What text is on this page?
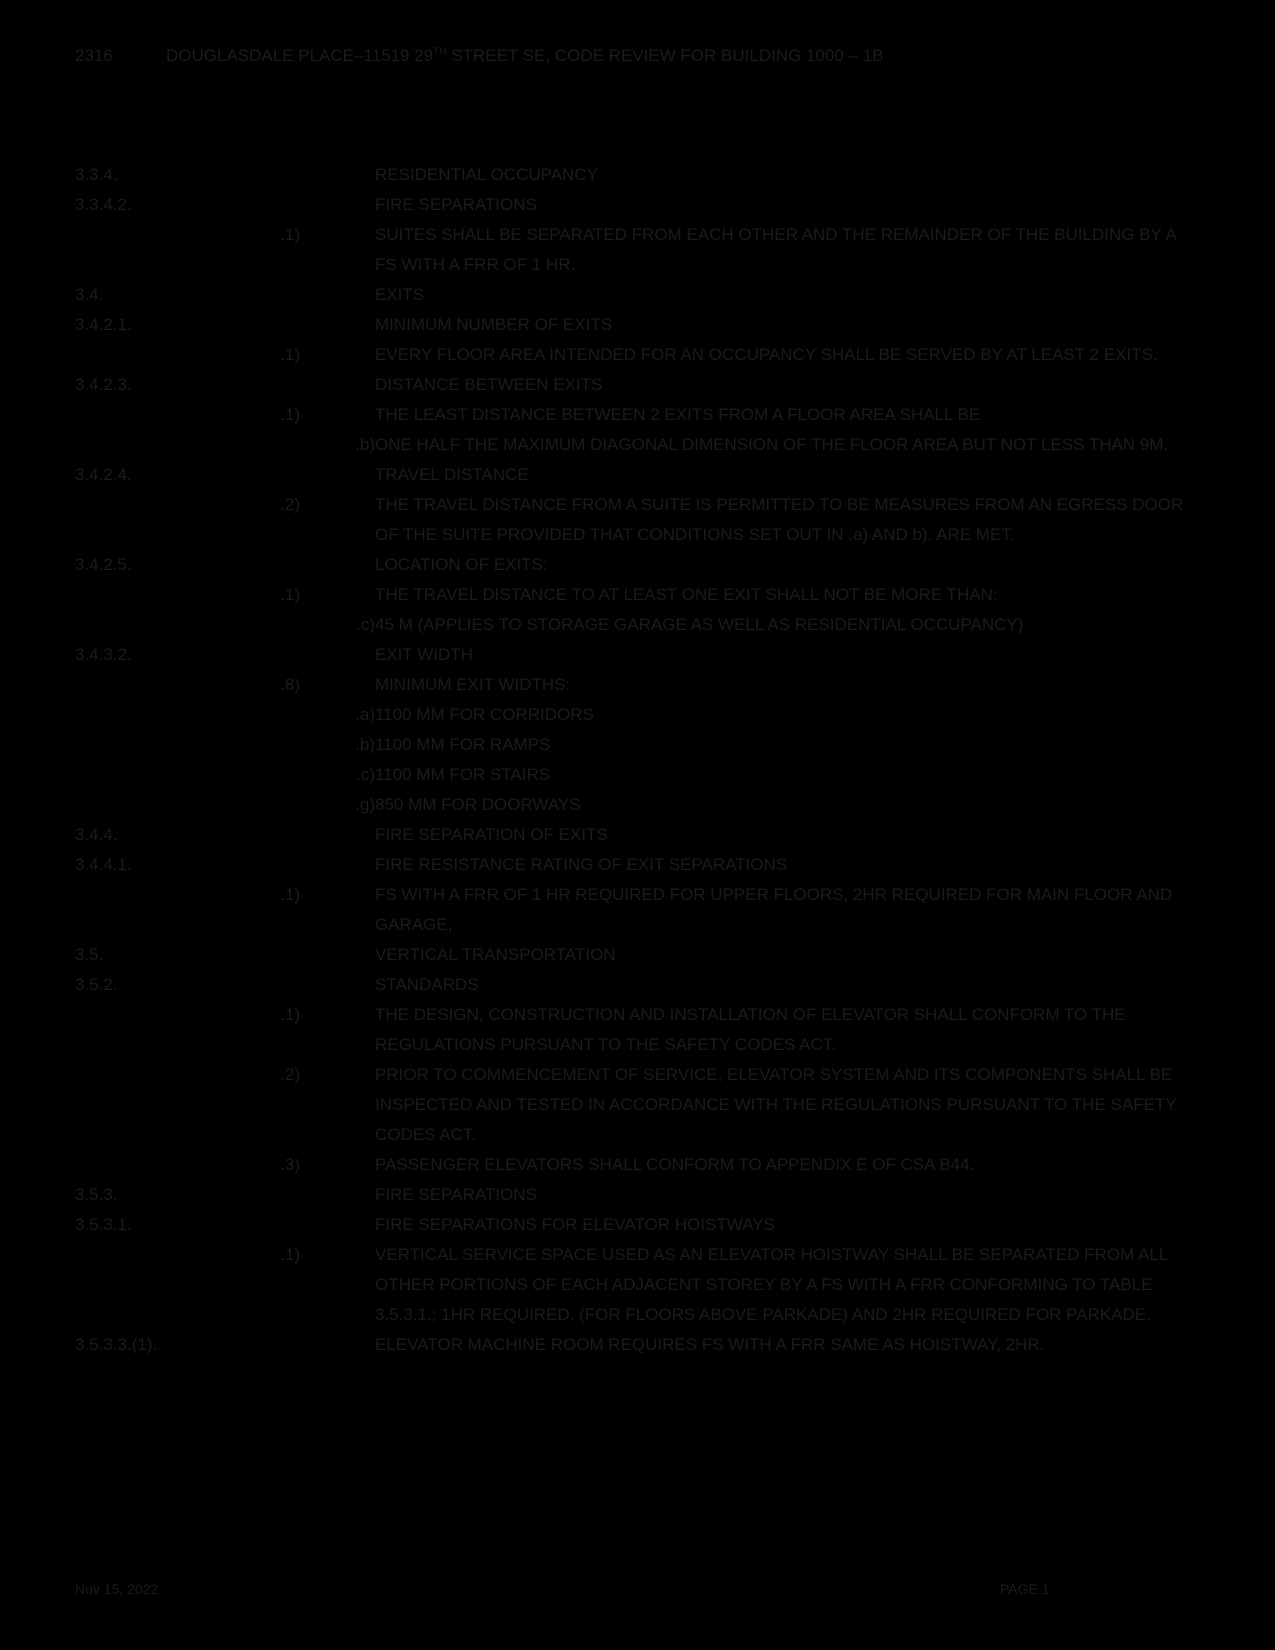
2316	DOUGLASDALE PLACE–11519 29TH STREET SE, CODE REVIEW FOR BUILDING 1000 – 1B
3.3.4.	RESIDENTIAL OCCUPANCY
3.3.4.2.	FIRE SEPARATIONS
.1)	SUITES SHALL BE SEPARATED FROM EACH OTHER AND THE REMAINDER OF THE BUILDING BY A FS WITH A FRR OF 1 HR.
3.4.	EXITS
3.4.2.1.	MINIMUM NUMBER OF EXITS
.1)	EVERY FLOOR AREA INTENDED FOR AN OCCUPANCY SHALL BE SERVED BY AT LEAST 2 EXITS.
3.4.2.3.	DISTANCE BETWEEN EXITS
.1)	THE LEAST DISTANCE BETWEEN 2 EXITS FROM A FLOOR AREA SHALL BE
.b) ONE HALF THE MAXIMUM DIAGONAL DIMENSION OF THE FLOOR AREA BUT NOT LESS THAN 9M.
3.4.2.4.	TRAVEL DISTANCE
.2)	THE TRAVEL DISTANCE FROM A SUITE IS PERMITTED TO BE MEASURES FROM AN EGRESS DOOR OF THE SUITE PROVIDED THAT CONDITIONS SET OUT IN .a) AND b). ARE MET.
3.4.2.5.	LOCATION OF EXITS:
.1)	THE TRAVEL DISTANCE TO AT LEAST ONE EXIT SHALL NOT BE MORE THAN:
.c) 45 M (APPLIES TO STORAGE GARAGE AS WELL AS RESIDENTIAL OCCUPANCY)
3.4.3.2.	EXIT WIDTH
.8)	MINIMUM EXIT WIDTHS:
.a) 1100 MM FOR CORRIDORS
.b) 1100 MM FOR RAMPS
.c) 1100 MM FOR STAIRS
.g) 850 MM FOR DOORWAYS
3.4.4.	FIRE SEPARATION OF EXITS
3.4.4.1.	FIRE RESISTANCE RATING OF EXIT SEPARATIONS
.1)	FS WITH A FRR OF 1 HR REQUIRED FOR UPPER FLOORS, 2HR REQUIRED FOR MAIN FLOOR AND GARAGE,
3.5.	VERTICAL TRANSPORTATION
3.5.2.	STANDARDS
.1)	THE DESIGN, CONSTRUCTION AND INSTALLATION OF ELEVATOR SHALL CONFORM TO THE REGULATIONS PURSUANT TO THE SAFETY CODES ACT.
.2)	PRIOR TO COMMENCEMENT OF SERVICE, ELEVATOR SYSTEM AND ITS COMPONENTS SHALL BE INSPECTED AND TESTED IN ACCORDANCE WITH THE REGULATIONS PURSUANT TO THE SAFETY CODES ACT.
.3)	PASSENGER ELEVATORS SHALL CONFORM TO APPENDIX E OF CSA B44.
3.5.3.	FIRE SEPARATIONS
3.5.3.1.	FIRE SEPARATIONS FOR ELEVATOR HOISTWAYS
.1)	VERTICAL SERVICE SPACE USED AS AN ELEVATOR HOISTWAY SHALL BE SEPARATED FROM ALL OTHER PORTIONS OF EACH ADJACENT STOREY BY A FS WITH A FRR CONFORMING TO TABLE 3.5.3.1.; 1HR REQUIRED. (FOR FLOORS ABOVE PARKADE) AND 2HR REQUIRED FOR PARKADE.
3.5.3.3.(1).	ELEVATOR MACHINE ROOM REQUIRES FS WITH A FRR SAME AS HOISTWAY, 2HR.
Nov 15, 2022	PAGE 1
